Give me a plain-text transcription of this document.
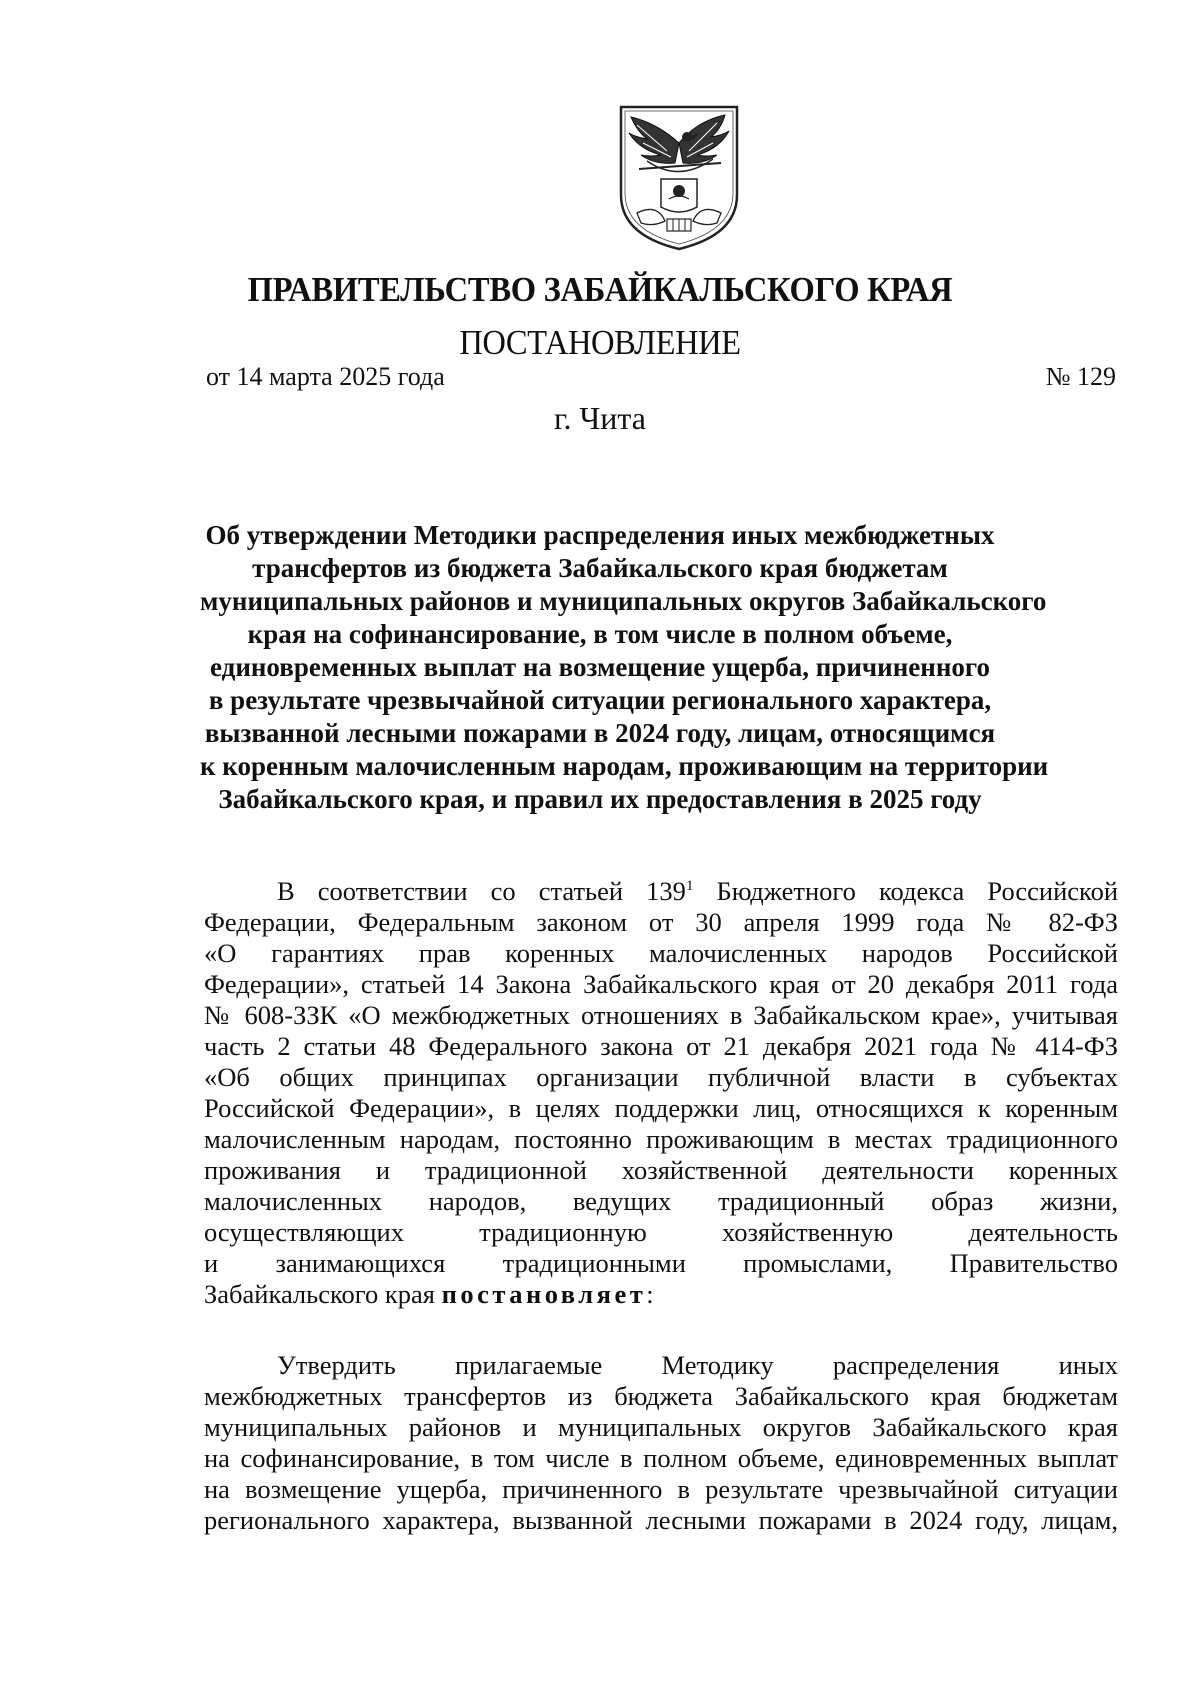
ПРАВИТЕЛЬСТВО ЗАБАЙКАЛЬСКОГО КРАЯ
ПОСТАНОВЛЕНИЕ
от 14 марта 2025 года	№ 129
г. Чита
Об утверждении Методики распределения иных межбюджетных
трансфертов из бюджета Забайкальского края бюджетам
муниципальных районов и муниципальных округов Забайкальского
края на софинансирование, в том числе в полном объеме,
единовременных выплат на возмещение ущерба, причиненного
в результате чрезвычайной ситуации регионального характера,
вызванной лесными пожарами в 2024 году, лицам, относящимся
к коренным малочисленным народам, проживающим на территории
Забайкальского края, и правил их предоставления в 2025 году
В соответствии со статьей $139^1$ Бюджетного кодекса Российской
Федерации, Федеральным законом от 30 апреля 1999 года № 82-ФЗ
«О гарантиях прав коренных малочисленных народов Российской
Федерации», статьей 14 Закона Забайкальского края от 20 декабря 2011 года
№ 608-ЗЗК «О межбюджетных отношениях в Забайкальском крае», учитывая
часть 2 статьи 48 Федерального закона от 21 декабря 2021 года № 414-ФЗ
«Об общих принципах организации публичной власти в субъектах
Российской Федерации», в целях поддержки лиц, относящихся к коренным
малочисленным народам, постоянно проживающим в местах традиционного
проживания и традиционной хозяйственной деятельности коренных
малочисленных народов, ведущих традиционный образ жизни,
осуществляющих традиционную хозяйственную деятельность
и занимающихся традиционными промыслами, Правительство
Забайкальского края постановляет:
Утвердить прилагаемые Методику распределения иных
межбюджетных трансфертов из бюджета Забайкальского края бюджетам
муниципальных районов и муниципальных округов Забайкальского края
на софинансирование, в том числе в полном объеме, единовременных выплат
на возмещение ущерба, причиненного в результате чрезвычайной ситуации
регионального характера, вызванной лесными пожарами в 2024 году, лицам,
